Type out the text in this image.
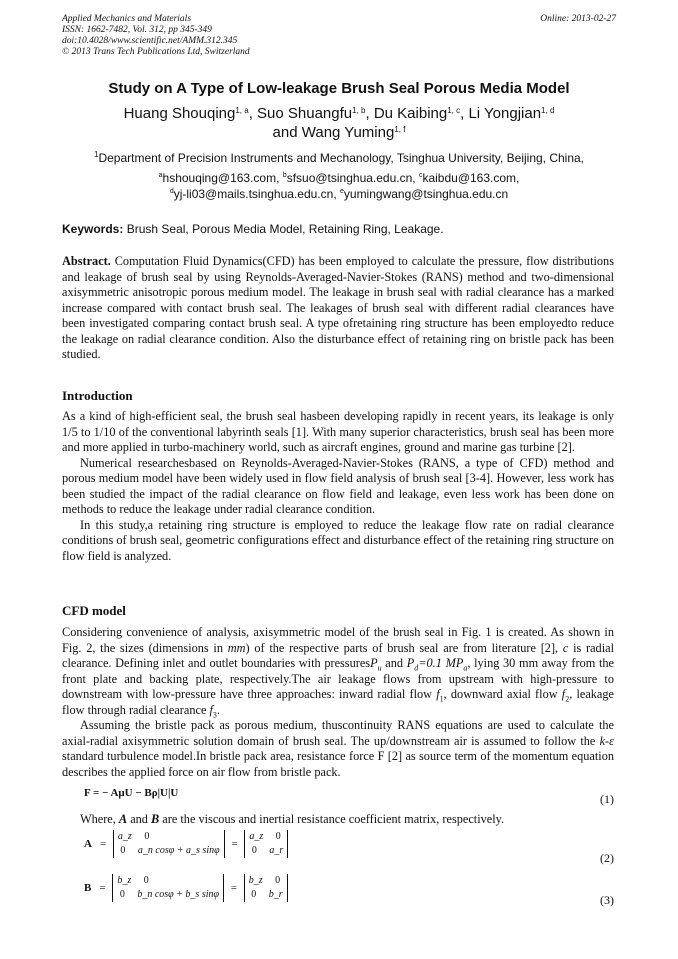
Applied Mechanics and Materials
ISSN: 1662-7482, Vol. 312, pp 345-349
doi:10.4028/www.scientific.net/AMM.312.345
© 2013 Trans Tech Publications Ltd, Switzerland
Online: 2013-02-27
Study on A Type of Low-leakage Brush Seal Porous Media Model
Huang Shouqing$^{1, a}$, Suo Shuangfu$^{1, b}$, Du Kaibing$^{1, c}$, Li Yongjian$^{1, d}$
and Wang Yuming$^{1, f}$
$^1$Department of Precision Instruments and Mechanology, Tsinghua University, Beijing, China,
$^a$hshouqing@163.com, $^b$sfsuo@tsinghua.edu.cn, $^c$kaibdu@163.com,
$^d$yj-li03@mails.tsinghua.edu.cn, $^e$yumingwang@tsinghua.edu.cn
Keywords: Brush Seal, Porous Media Model, Retaining Ring, Leakage.

Abstract. Computation Fluid Dynamics(CFD) has been employed to calculate the pressure, flow distributions and leakage of brush seal by using Reynolds-Averaged-Navier-Stokes (RANS) method and two-dimensional axisymmetric anisotropic porous medium model. The leakage in brush seal with radial clearance has a marked increase compared with contact brush seal. The leakages of brush seal with different radial clearances have been investigated comparing contact brush seal. A type ofretaining ring structure has been employedto reduce the leakage on radial clearance condition. Also the disturbance effect of retaining ring on bristle pack has been studied.

Introduction

As a kind of high-efficient seal, the brush seal hasbeen developing rapidly in recent years, its leakage is only 1/5 to 1/10 of the conventional labyrinth seals [1]. With many superior characteristics, brush seal has been more and more applied in turbo-machinery world, such as aircraft engines, ground and marine gas turbine [2].

Numerical researchesbased on Reynolds-Averaged-Navier-Stokes (RANS, a type of CFD) method and porous medium model have been widely used in flow field analysis of brush seal [3-4]. However, less work has been studied the impact of the radial clearance on flow field and leakage, even less work has been done on methods to reduce the leakage under radial clearance condition.

In this study,a retaining ring structure is employed to reduce the leakage flow rate on radial clearance conditions of brush seal, geometric configurations effect and disturbance effect of the retaining ring structure on flow field is analyzed.

CFD model

Considering convenience of analysis, axisymmetric model of the brush seal in Fig. 1 is created. As shown in Fig. 2, the sizes (dimensions in mm) of the respective parts of brush seal are from literature [2], c is radial clearance. Defining inlet and outlet boundaries with pressuresP$_u$ and $P_d=0.1$ $MP_a$, lying 30 mm away from the front plate and backing plate, respectively.The air leakage flows from upstream with high-pressure to downstream with low-pressure have three approaches: inward radial flow $f_1$, downward axial flow $f_2$, leakage flow through radial clearance $f_3$.

Assuming the bristle pack as porous medium, thuscontinuity RANS equations are used to calculate the axial-radial axisymmetric solution domain of brush seal. The up/downstream air is assumed to follow the k-ε standard turbulence model.In bristle pack area, resistance force F [2] as source term of the momentum equation describes the applied force on air flow from bristle pack.

F = − AμU − Bρ|U|U	(1)

Where, A and B are the viscous and inertial resistance coefficient matrix, respectively.

A =
a_z 0
0 a_n cosφ + a_s sinφ
=
a_z 0
0 a_r
(2)
B =
b_z 0
0 b_n cosφ + b_s sinφ
=
b_z 0
0 b_r	(3)
